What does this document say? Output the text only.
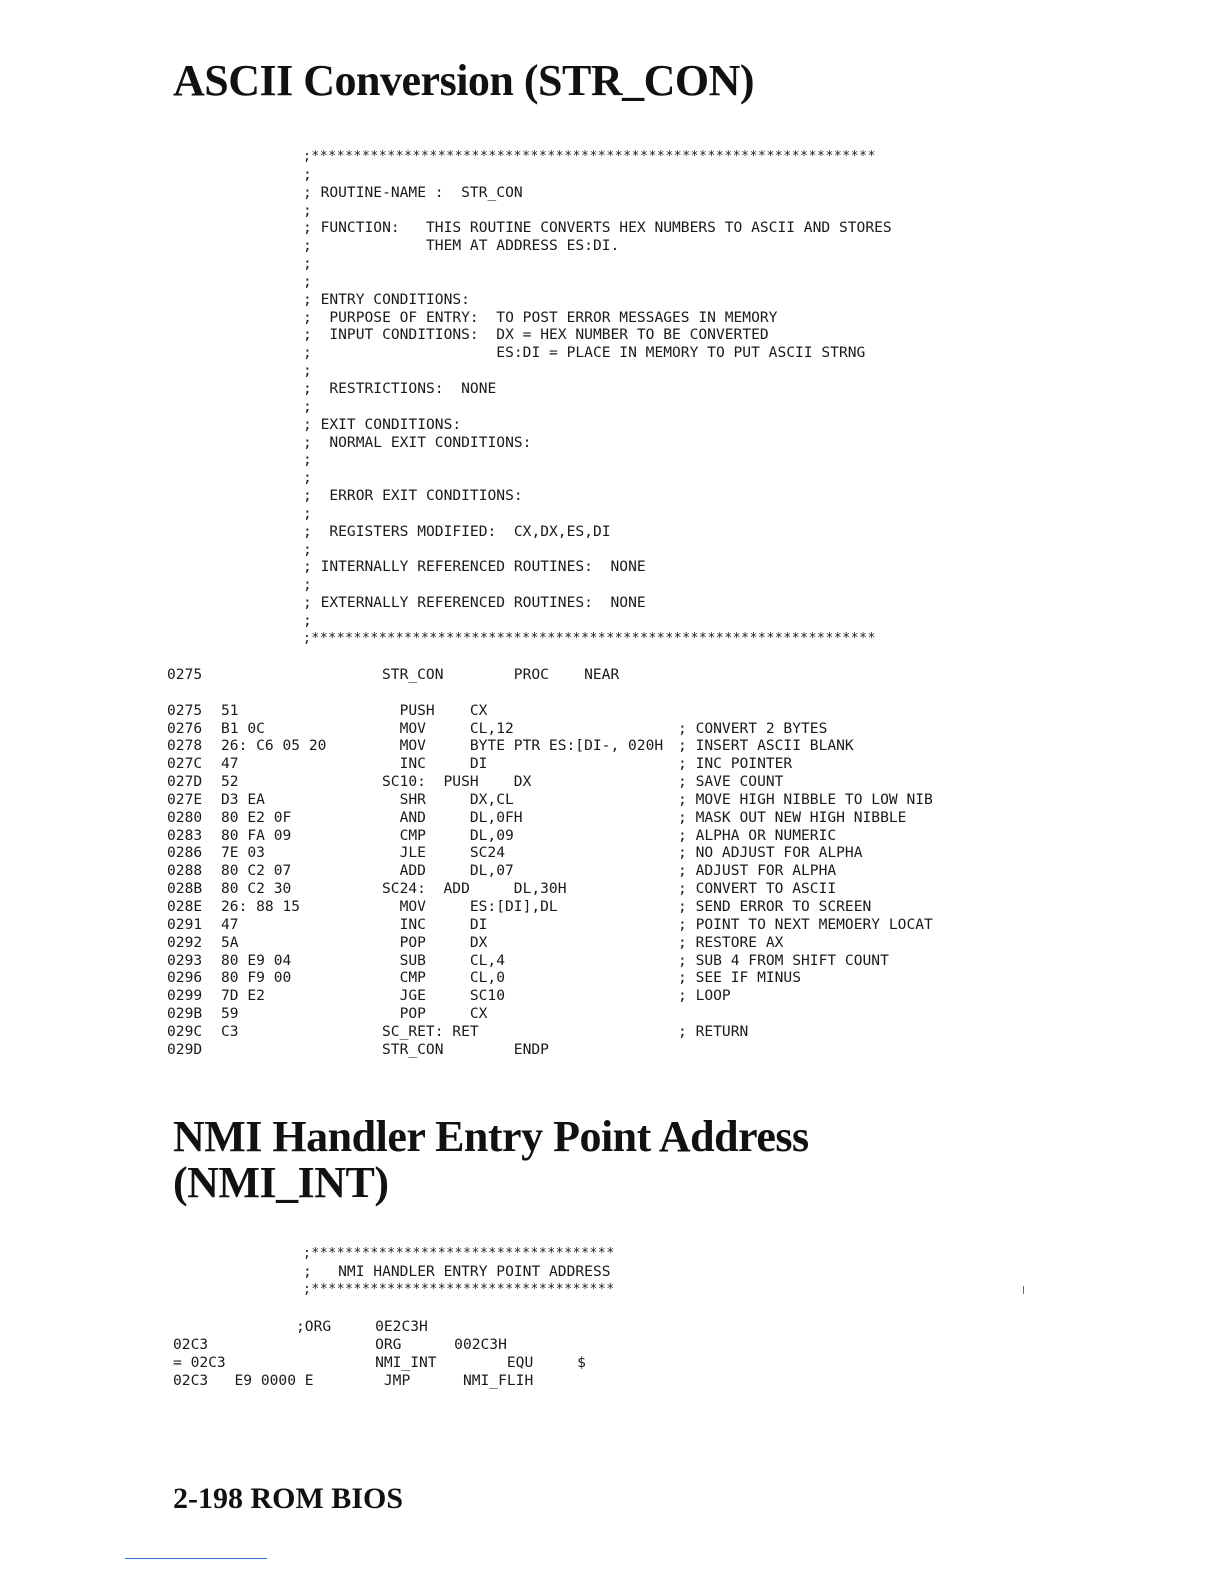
ASCII Conversion (STR_CON)
;*******************************************************************
;
; ROUTINE-NAME :  STR_CON
;
; FUNCTION:   THIS ROUTINE CONVERTS HEX NUMBERS TO ASCII AND STORES
;             THEM AT ADDRESS ES:DI.
;
;
; ENTRY CONDITIONS:
;  PURPOSE OF ENTRY:  TO POST ERROR MESSAGES IN MEMORY
;  INPUT CONDITIONS:  DX = HEX NUMBER TO BE CONVERTED
;                     ES:DI = PLACE IN MEMORY TO PUT ASCII STRNG
;
;  RESTRICTIONS:  NONE
;
; EXIT CONDITIONS:
;  NORMAL EXIT CONDITIONS:
;
;
;  ERROR EXIT CONDITIONS:
;
;  REGISTERS MODIFIED:  CX,DX,ES,DI
;
; INTERNALLY REFERENCED ROUTINES:  NONE
;
; EXTERNALLY REFERENCED ROUTINES:  NONE
;
;*******************************************************************
0275	STR_CON        PROC    NEAR
0275 51	PUSH    CX
0276 B1 0C	MOV     CL,12	; CONVERT 2 BYTES
0278 26: C6 05 20	MOV     BYTE PTR ES:[DI-, 020H ; INSERT ASCII BLANK
027C 47	INC     DI	; INC POINTER
027D 52	SC10:  PUSH    DX	; SAVE COUNT
027E D3 EA	SHR     DX,CL	; MOVE HIGH NIBBLE TO LOW NIB
0280 80 E2 0F	AND     DL,0FH	; MASK OUT NEW HIGH NIBBLE
0283 80 FA 09	CMP     DL,09	; ALPHA OR NUMERIC
0286 7E 03	JLE     SC24	; NO ADJUST FOR ALPHA
0288 80 C2 07	ADD     DL,07	; ADJUST FOR ALPHA
028B 80 C2 30	SC24:  ADD     DL,30H	; CONVERT TO ASCII
028E 26: 88 15	MOV     ES:[DI],DL	; SEND ERROR TO SCREEN
0291 47	INC     DI	; POINT TO NEXT MEMOERY LOCAT
0292 5A	POP     DX	; RESTORE AX
0293 80 E9 04	SUB     CL,4	; SUB 4 FROM SHIFT COUNT
0296 80 F9 00	CMP     CL,0	; SEE IF MINUS
0299 7D E2	JGE     SC10	; LOOP
029B 59	POP     CX
029C C3	SC_RET: RET	; RETURN
029D	STR_CON        ENDP
NMI Handler Entry Point Address
(NMI_INT)
;************************************
;   NMI HANDLER ENTRY POINT ADDRESS
;************************************
;ORG     0E2C3H
02C3                   ORG      002C3H
= 02C3                 NMI_INT        EQU     $
02C3   E9 0000 E        JMP      NMI_FLIH
2-198 ROM BIOS
